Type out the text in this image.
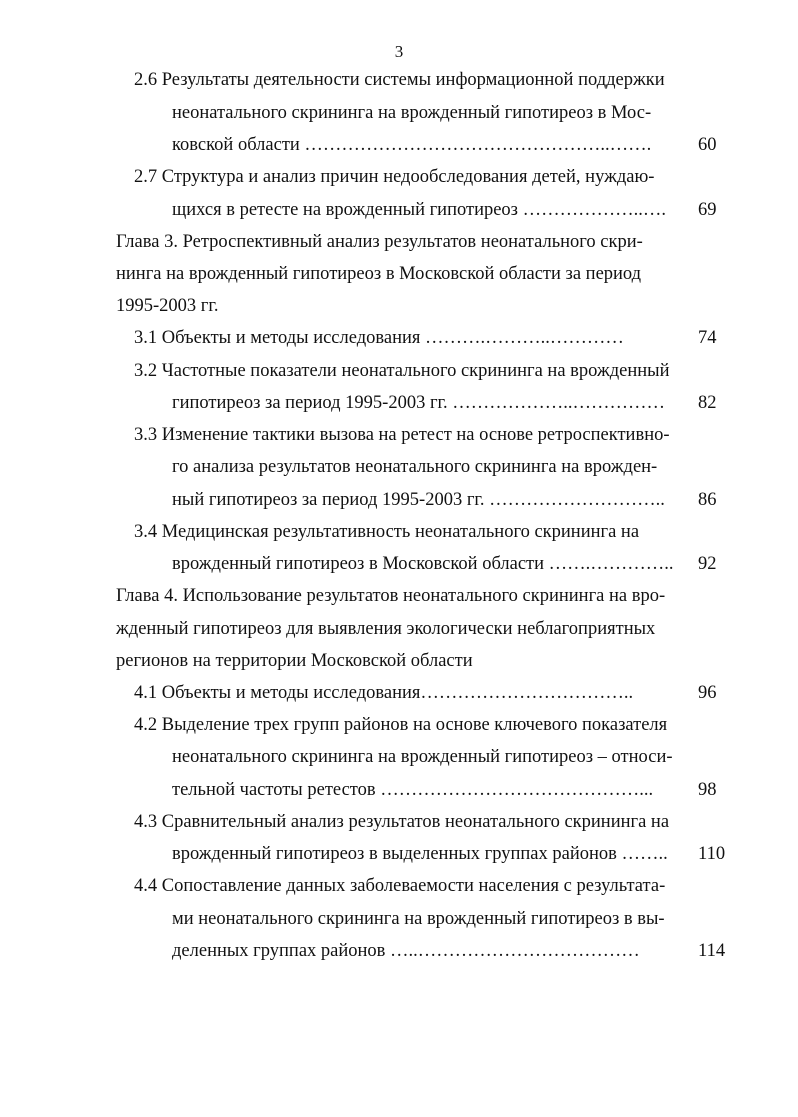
3
2.6 Результаты деятельности системы информационной поддержки
неонатального скрининга на врожденный гипотиреоз в Мос-
ковской области …………………………………………..…….	60
2.7 Структура и анализ причин недообследования детей, нуждаю-
щихся в ретесте на врожденный гипотиреоз ………………..…. 69
Глава 3. Ретроспективный анализ результатов неонатального скри-
нинга на врожденный гипотиреоз в Московской области за период
1995-2003 гг.
3.1 Объекты и методы исследования ……….………..…………	74
3.2 Частотные показатели неонатального скрининга на врожденный
гипотиреоз за период 1995-2003 гг. ………………..…………… 82
3.3 Изменение тактики вызова на ретест на основе ретроспективно-
го анализа результатов неонатального скрининга на врожден-
ный гипотиреоз за период 1995-2003 гг. ……………………….. 86
3.4 Медицинская результативность неонатального скрининга на
врожденный гипотиреоз в Московской области …….………….. 92
Глава 4. Использование результатов неонатального скрининга на вро-
жденный гипотиреоз для выявления экологически неблагоприятных
регионов на территории Московской области
4.1 Объекты и методы исследования……………………………..	96
4.2 Выделение трех групп районов на основе ключевого показателя
неонатального скрининга на врожденный гипотиреоз – относи-
тельной частоты ретестов ……………………………………... 98
4.3 Сравнительный анализ результатов неонатального скрининга на
врожденный гипотиреоз в выделенных группах районов …….. 110
4.4 Сопоставление данных заболеваемости населения с результата-
ми неонатального скрининга на врожденный гипотиреоз в вы-
деленных группах районов …..………………………………	114
